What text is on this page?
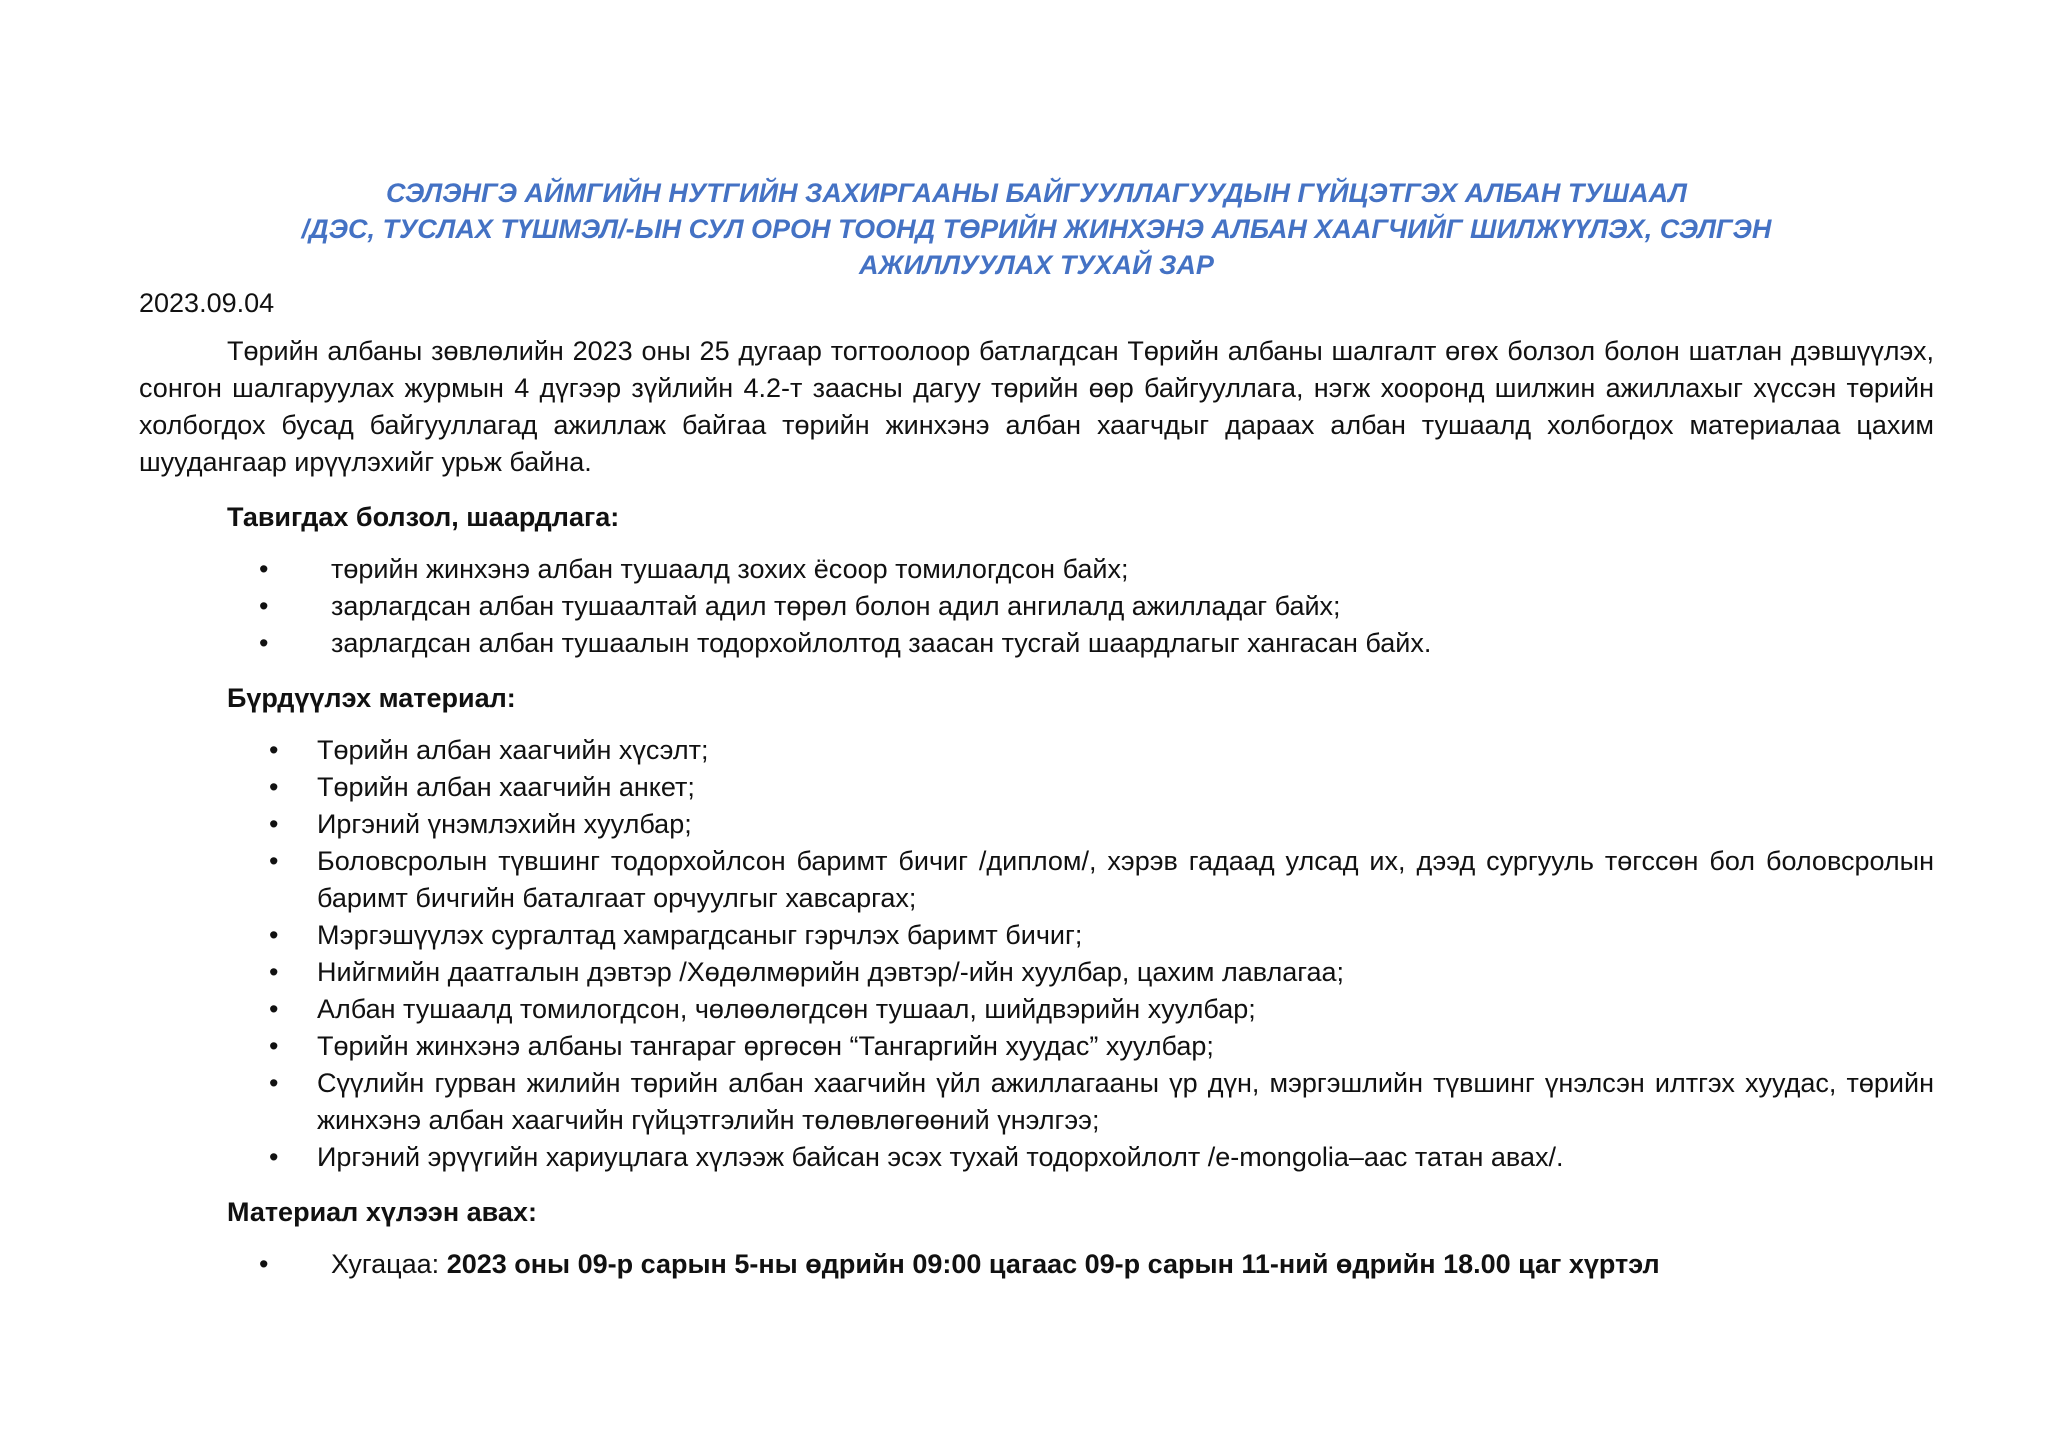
СЭЛЭНГЭ АЙМГИЙН НУТГИЙН ЗАХИРГААНЫ БАЙГУУЛЛАГУУДЫН ГҮЙЦЭТГЭХ АЛБАН ТУШААЛ
/ДЭС, ТУСЛАХ ТҮШМЭЛ/-ЫН СУЛ ОРОН ТООНД ТӨРИЙН ЖИНХЭНЭ АЛБАН ХААГЧИЙГ ШИЛЖҮҮЛЭХ, СЭЛГЭН
АЖИЛЛУУЛАХ ТУХАЙ ЗАР
2023.09.04

Төрийн албаны зөвлөлийн 2023 оны 25 дугаар тогтоолоор батлагдсан Төрийн албаны шалгалт өгөх болзол болон шатлан дэвшүүлэх, сонгон шалгаруулах журмын 4 дүгээр зүйлийн 4.2-т заасны дагуу төрийн өөр байгууллага, нэгж хооронд шилжин ажиллахыг хүссэн төрийн холбогдох бусад байгууллагад ажиллаж байгаа төрийн жинхэнэ албан хаагчдыг дараах албан тушаалд холбогдох материалаа цахим шуудангаар ирүүлэхийг урьж байна.

Тавигдах болзол, шаардлага:
• төрийн жинхэнэ албан тушаалд зохих ёсоор томилогдсон байх;
• зарлагдсан албан тушаалтай адил төрөл болон адил ангилалд ажилладаг байх;
• зарлагдсан албан тушаалын тодорхойлолтод заасан тусгай шаардлагыг хангасан байх.
Бүрдүүлэх материал:
• Төрийн албан хаагчийн хүсэлт;
• Төрийн албан хаагчийн анкет;
• Иргэний үнэмлэхийн хуулбар;
• Боловсролын түвшинг тодорхойлсон баримт бичиг /диплом/, хэрэв гадаад улсад их, дээд сургууль төгссөн бол боловсролын баримт бичгийн баталгаат орчуулгыг хавсаргах;
• Мэргэшүүлэх сургалтад хамрагдсаныг гэрчлэх баримт бичиг;
• Нийгмийн даатгалын дэвтэр /Хөдөлмөрийн дэвтэр/-ийн хуулбар, цахим лавлагаа;
• Албан тушаалд томилогдсон, чөлөөлөгдсөн тушаал, шийдвэрийн хуулбар;
• Төрийн жинхэнэ албаны тангараг өргөсөн “Тангаргийн хуудас” хуулбар;
• Сүүлийн гурван жилийн төрийн албан хаагчийн үйл ажиллагааны үр дүн, мэргэшлийн түвшинг үнэлсэн илтгэх хуудас, төрийн жинхэнэ албан хаагчийн гүйцэтгэлийн төлөвлөгөөний үнэлгээ;
• Иргэний эрүүгийн хариуцлага хүлээж байсан эсэх тухай тодорхойлолт /e-mongolia–аас татан авах/.
Материал хүлээн авах:
• Хугацаа: 2023 оны 09-р сарын 5-ны өдрийн 09:00 цагаас 09-р сарын 11-ний өдрийн 18.00 цаг хүртэл
